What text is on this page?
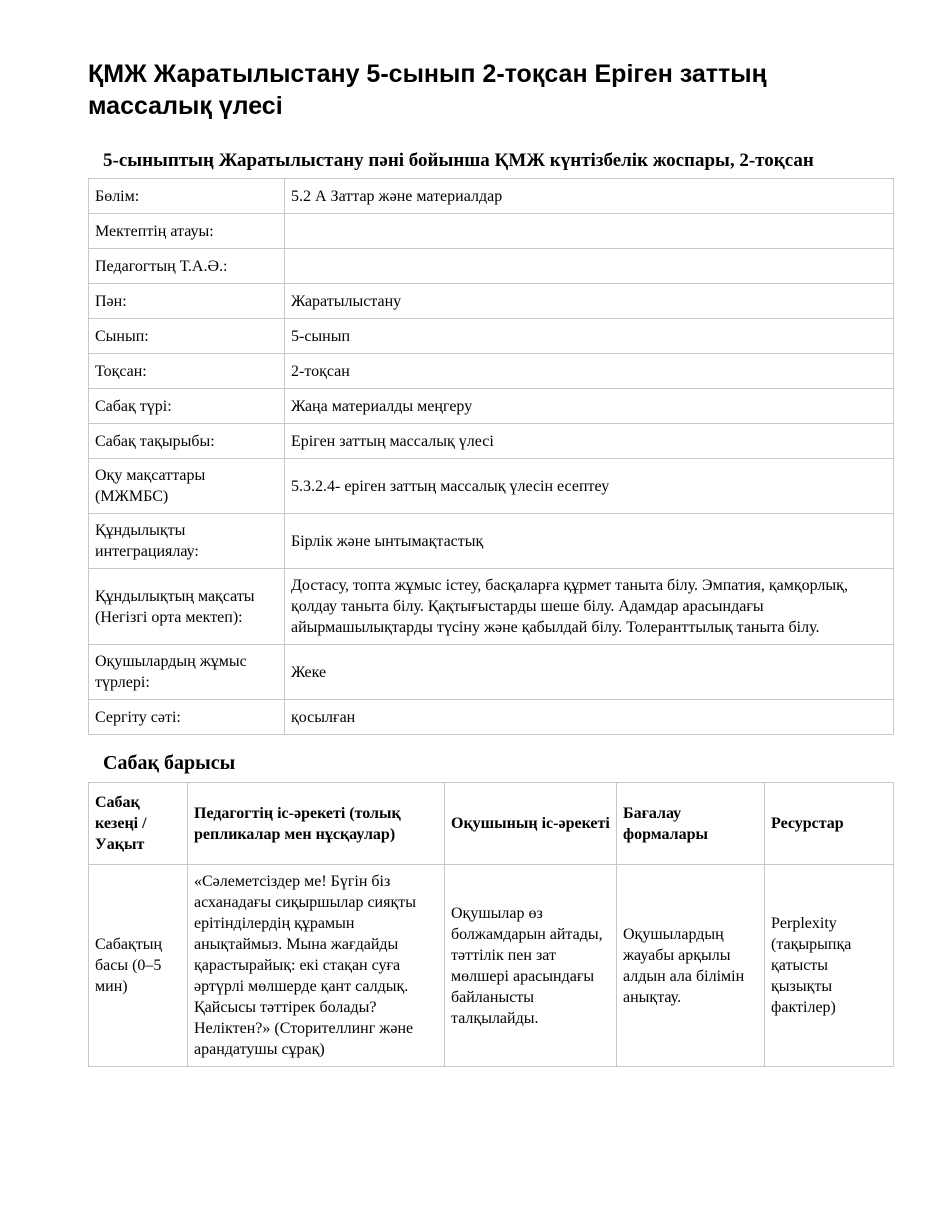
ҚМЖ Жаратылыстану 5-сынып 2-тоқсан Еріген заттың массалық үлесі
5-сыныптың Жаратылыстану пәні бойынша ҚМЖ күнтізбелік жоспары, 2-тоқсан
Бөлім:	5.2 А Заттар және материалдар
Мектептің атауы:	
Педагогтың Т.А.Ә.:	
Пән:	Жаратылыстану
Сынып:	5-сынып
Тоқсан:	2-тоқсан
Сабақ түрі:	Жаңа материалды меңгеру
Сабақ тақырыбы:	Еріген заттың массалық үлесі
Оқу мақсаттары (МЖМБС)	5.3.2.4- еріген заттың массалық үлесін есептеу
Құндылықты интеграциялау:	Бірлік және ынтымақтастық
Құндылықтың мақсаты (Негізгі орта мектеп):	Достасу, топта жұмыс істеу, басқаларға құрмет таныта білу. Эмпатия, қамқорлық, қолдау таныта білу. Қақтығыстарды шеше білу. Адамдар арасындағы айырмашылықтарды түсіну және қабылдай білу. Толеранттылық таныта білу.
Оқушылардың жұмыс түрлері:	Жеке
Сергіту сәті:	қосылған
Сабақ барысы
Сабақ кезеңі / Уақыт	Педагогтің іс-әрекеті (толық репликалар мен нұсқаулар)	Оқушының іс-әрекеті	Бағалау формалары	Ресурстар
Сабақтың басы (0–5 мин)	«Сәлеметсіздер ме! Бүгін біз асханадағы сиқыршылар сияқты ерітінділердің құрамын анықтаймыз. Мына жағдайды қарастырайық: екі стақан суға әртүрлі мөлшерде қант салдық. Қайсысы тәттірек болады? Неліктен?» (Сторителлинг және арандатушы сұрақ)	Оқушылар өз болжамдарын айтады, тәттілік пен зат мөлшері арасындағы байланысты талқылайды.	Оқушылардың жауабы арқылы алдын ала білімін анықтау.	Perplexity (тақырыпқа қатысты қызықты фактілер)
